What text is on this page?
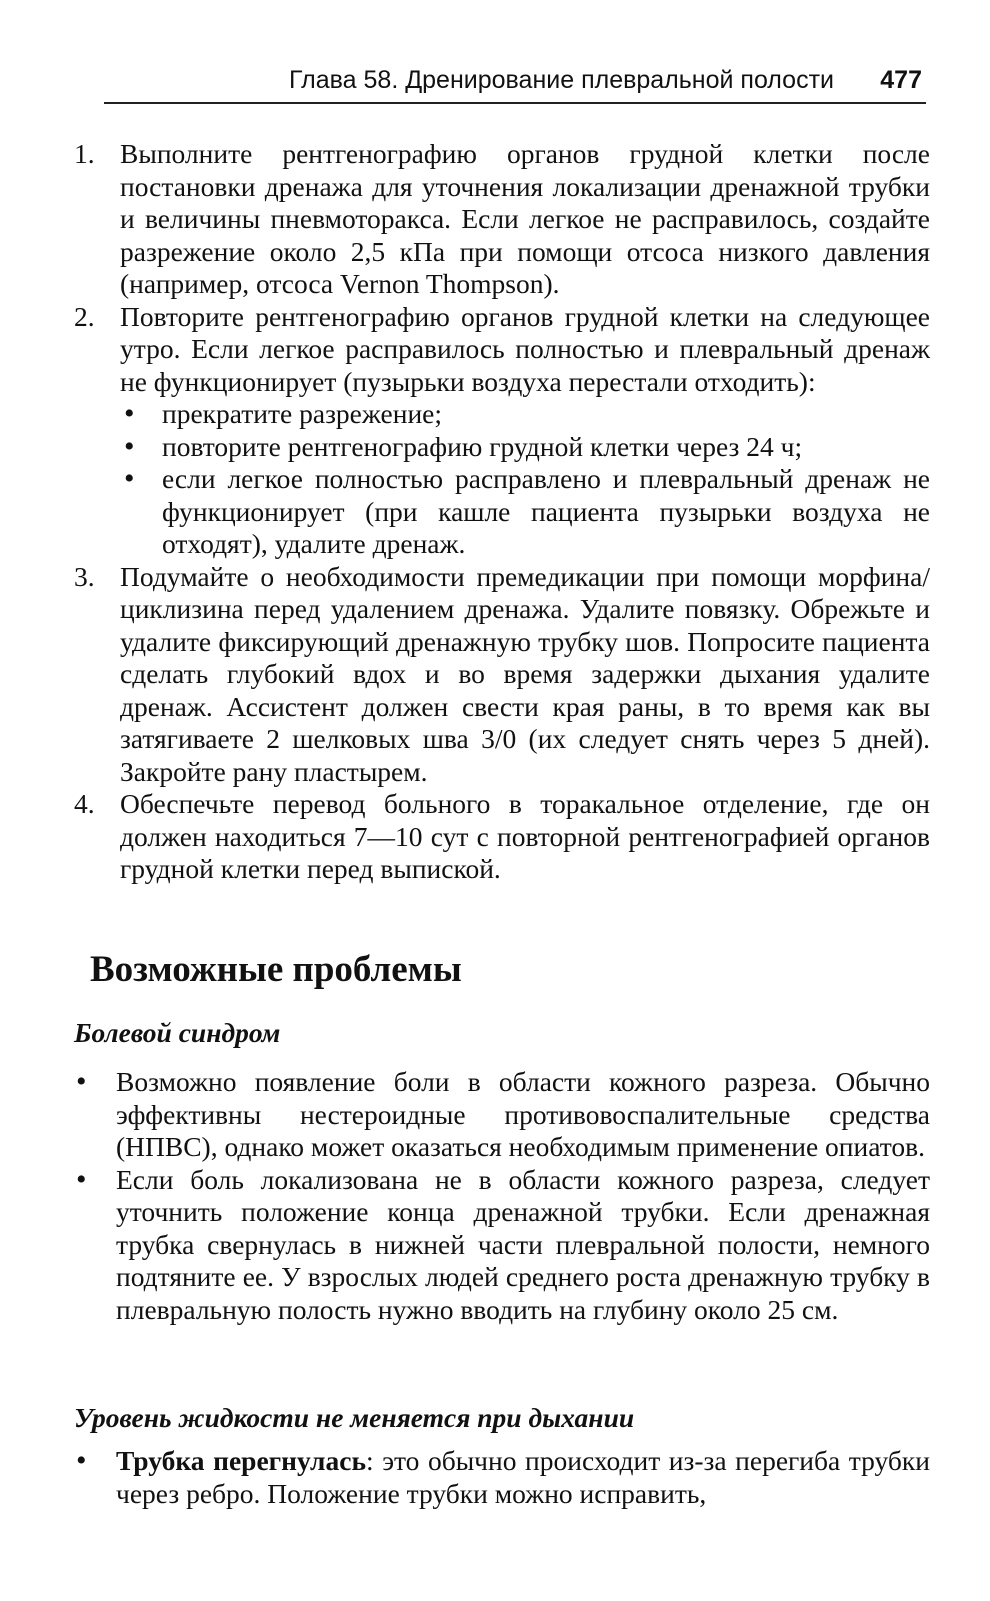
Глава 58. Дренирование плевральной полости 477
1. Выполните рентгенографию органов грудной клетки после постановки дренажа для уточнения локализации дренажной трубки и величины пневмоторакса. Если легкое не расправилось, создайте разрежение около 2,5 кПа при помощи отсоса низкого давления (например, отсоса Vernon Thompson).
2. Повторите рентгенографию органов грудной клетки на следующее утро. Если легкое расправилось полностью и плевральный дренаж не функционирует (пузырьки воздуха перестали отходить):
• прекратите разрежение;
• повторите рентгенографию грудной клетки через 24 ч;
• если легкое полностью расправлено и плевральный дренаж не функционирует (при кашле пациента пузырьки воздуха не отходят), удалите дренаж.
3. Подумайте о необходимости премедикации при помощи морфина/циклизина перед удалением дренажа. Удалите повязку. Обрежьте и удалите фиксирующий дренажную трубку шов. Попросите пациента сделать глубокий вдох и во время задержки дыхания удалите дренаж. Ассистент должен свести края раны, в то время как вы затягиваете 2 шелковых шва 3/0 (их следует снять через 5 дней). Закройте рану пластырем.
4. Обеспечьте перевод больного в торакальное отделение, где он должен находиться 7—10 сут с повторной рентгенографией органов грудной клетки перед выпиской.
Возможные проблемы
Болевой синдром
• Возможно появление боли в области кожного разреза. Обычно эффективны нестероидные противовоспалительные средства (НПВС), однако может оказаться необходимым применение опиатов.
• Если боль локализована не в области кожного разреза, следует уточнить положение конца дренажной трубки. Если дренажная трубка свернулась в нижней части плевральной полости, немного подтяните ее. У взрослых людей среднего роста дренажную трубку в плевральную полость нужно вводить на глубину около 25 см.
Уровень жидкости не меняется при дыхании
• Трубка перегнулась: это обычно происходит из-за перегиба трубки через ребро. Положение трубки можно исправить,
